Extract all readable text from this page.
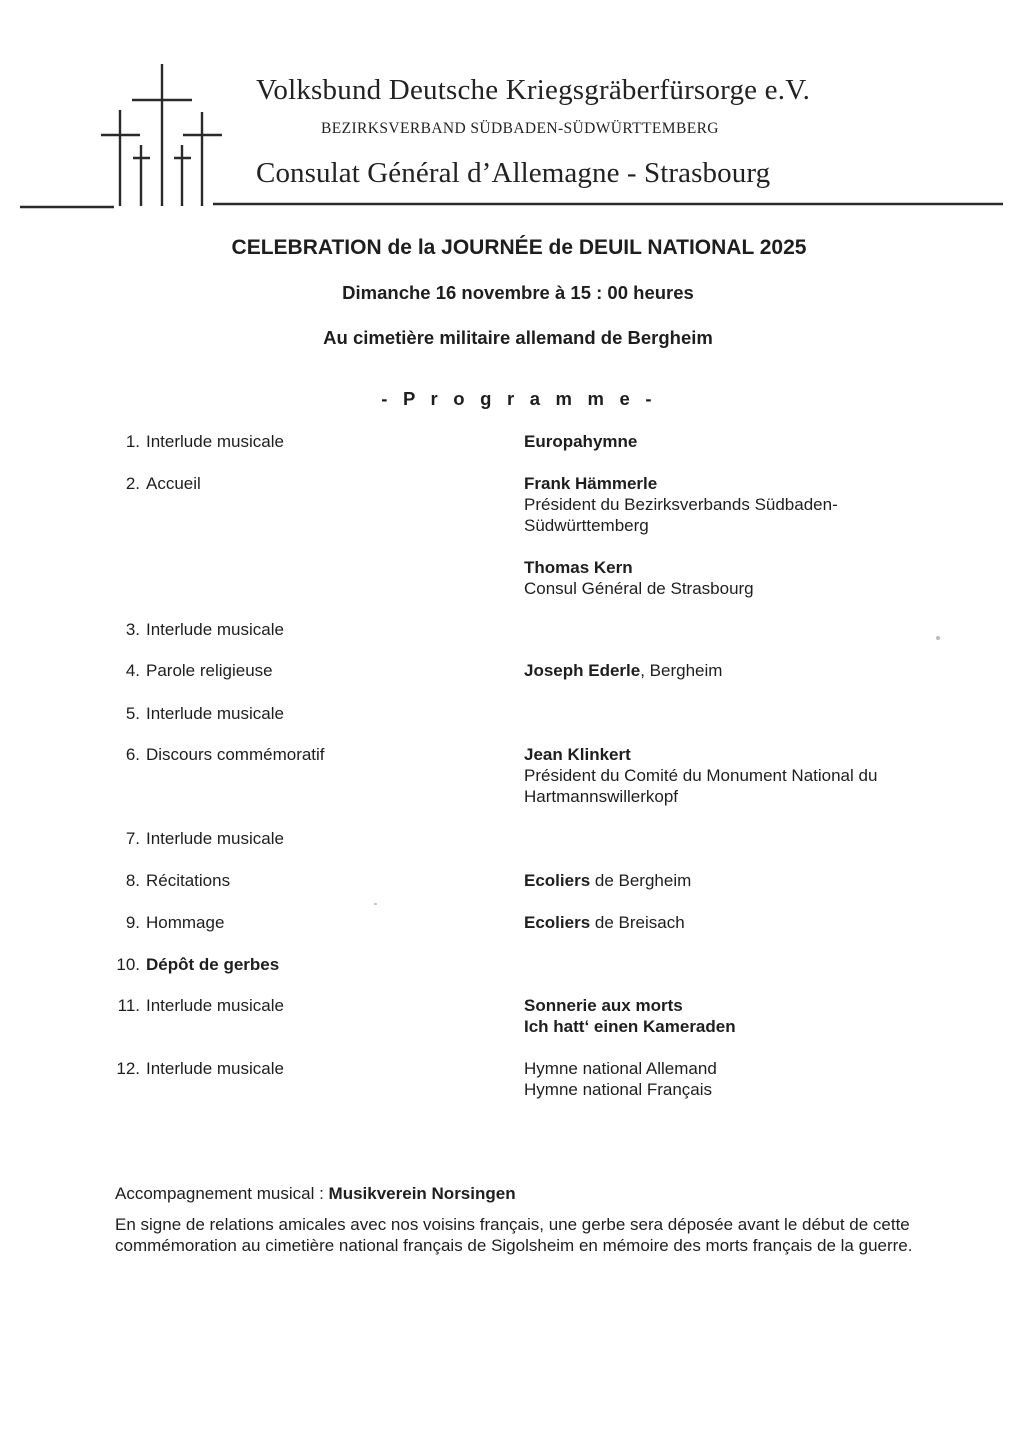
Volksbund Deutsche Kriegsgräberfürsorge e.V.
BEZIRKSVERBAND SÜDBADEN-SÜDWÜRTTEMBERG
Consulat Général d’Allemagne - Strasbourg
CELEBRATION de la JOURNÉE de DEUIL NATIONAL 2025
Dimanche 16 novembre à 15 : 00 heures
Au cimetière militaire allemand de Bergheim
- P r o g r a m m e -
1. Interlude musicale	Europahymne
2. Accueil	Frank Hämmerle
Président du Bezirksverbands Südbaden-
Südwürttemberg
Thomas Kern
Consul Général de Strasbourg
3. Interlude musicale
4. Parole religieuse	Joseph Ederle, Bergheim
5. Interlude musicale
6. Discours commémoratif	Jean Klinkert
Président du Comité du Monument National du
Hartmannswillerkopf
7. Interlude musicale
8. Récitations	Ecoliers de Bergheim
9. Hommage	Ecoliers de Breisach
10. Dépôt de gerbes
11. Interlude musicale	Sonnerie aux morts
Ich hatt‘ einen Kameraden
12. Interlude musicale	Hymne national Allemand
Hymne national Français
Accompagnement musical : Musikverein Norsingen
En signe de relations amicales avec nos voisins français, une gerbe sera déposée avant le début de cette commémoration au cimetière national français de Sigolsheim en mémoire des morts français de la guerre.
